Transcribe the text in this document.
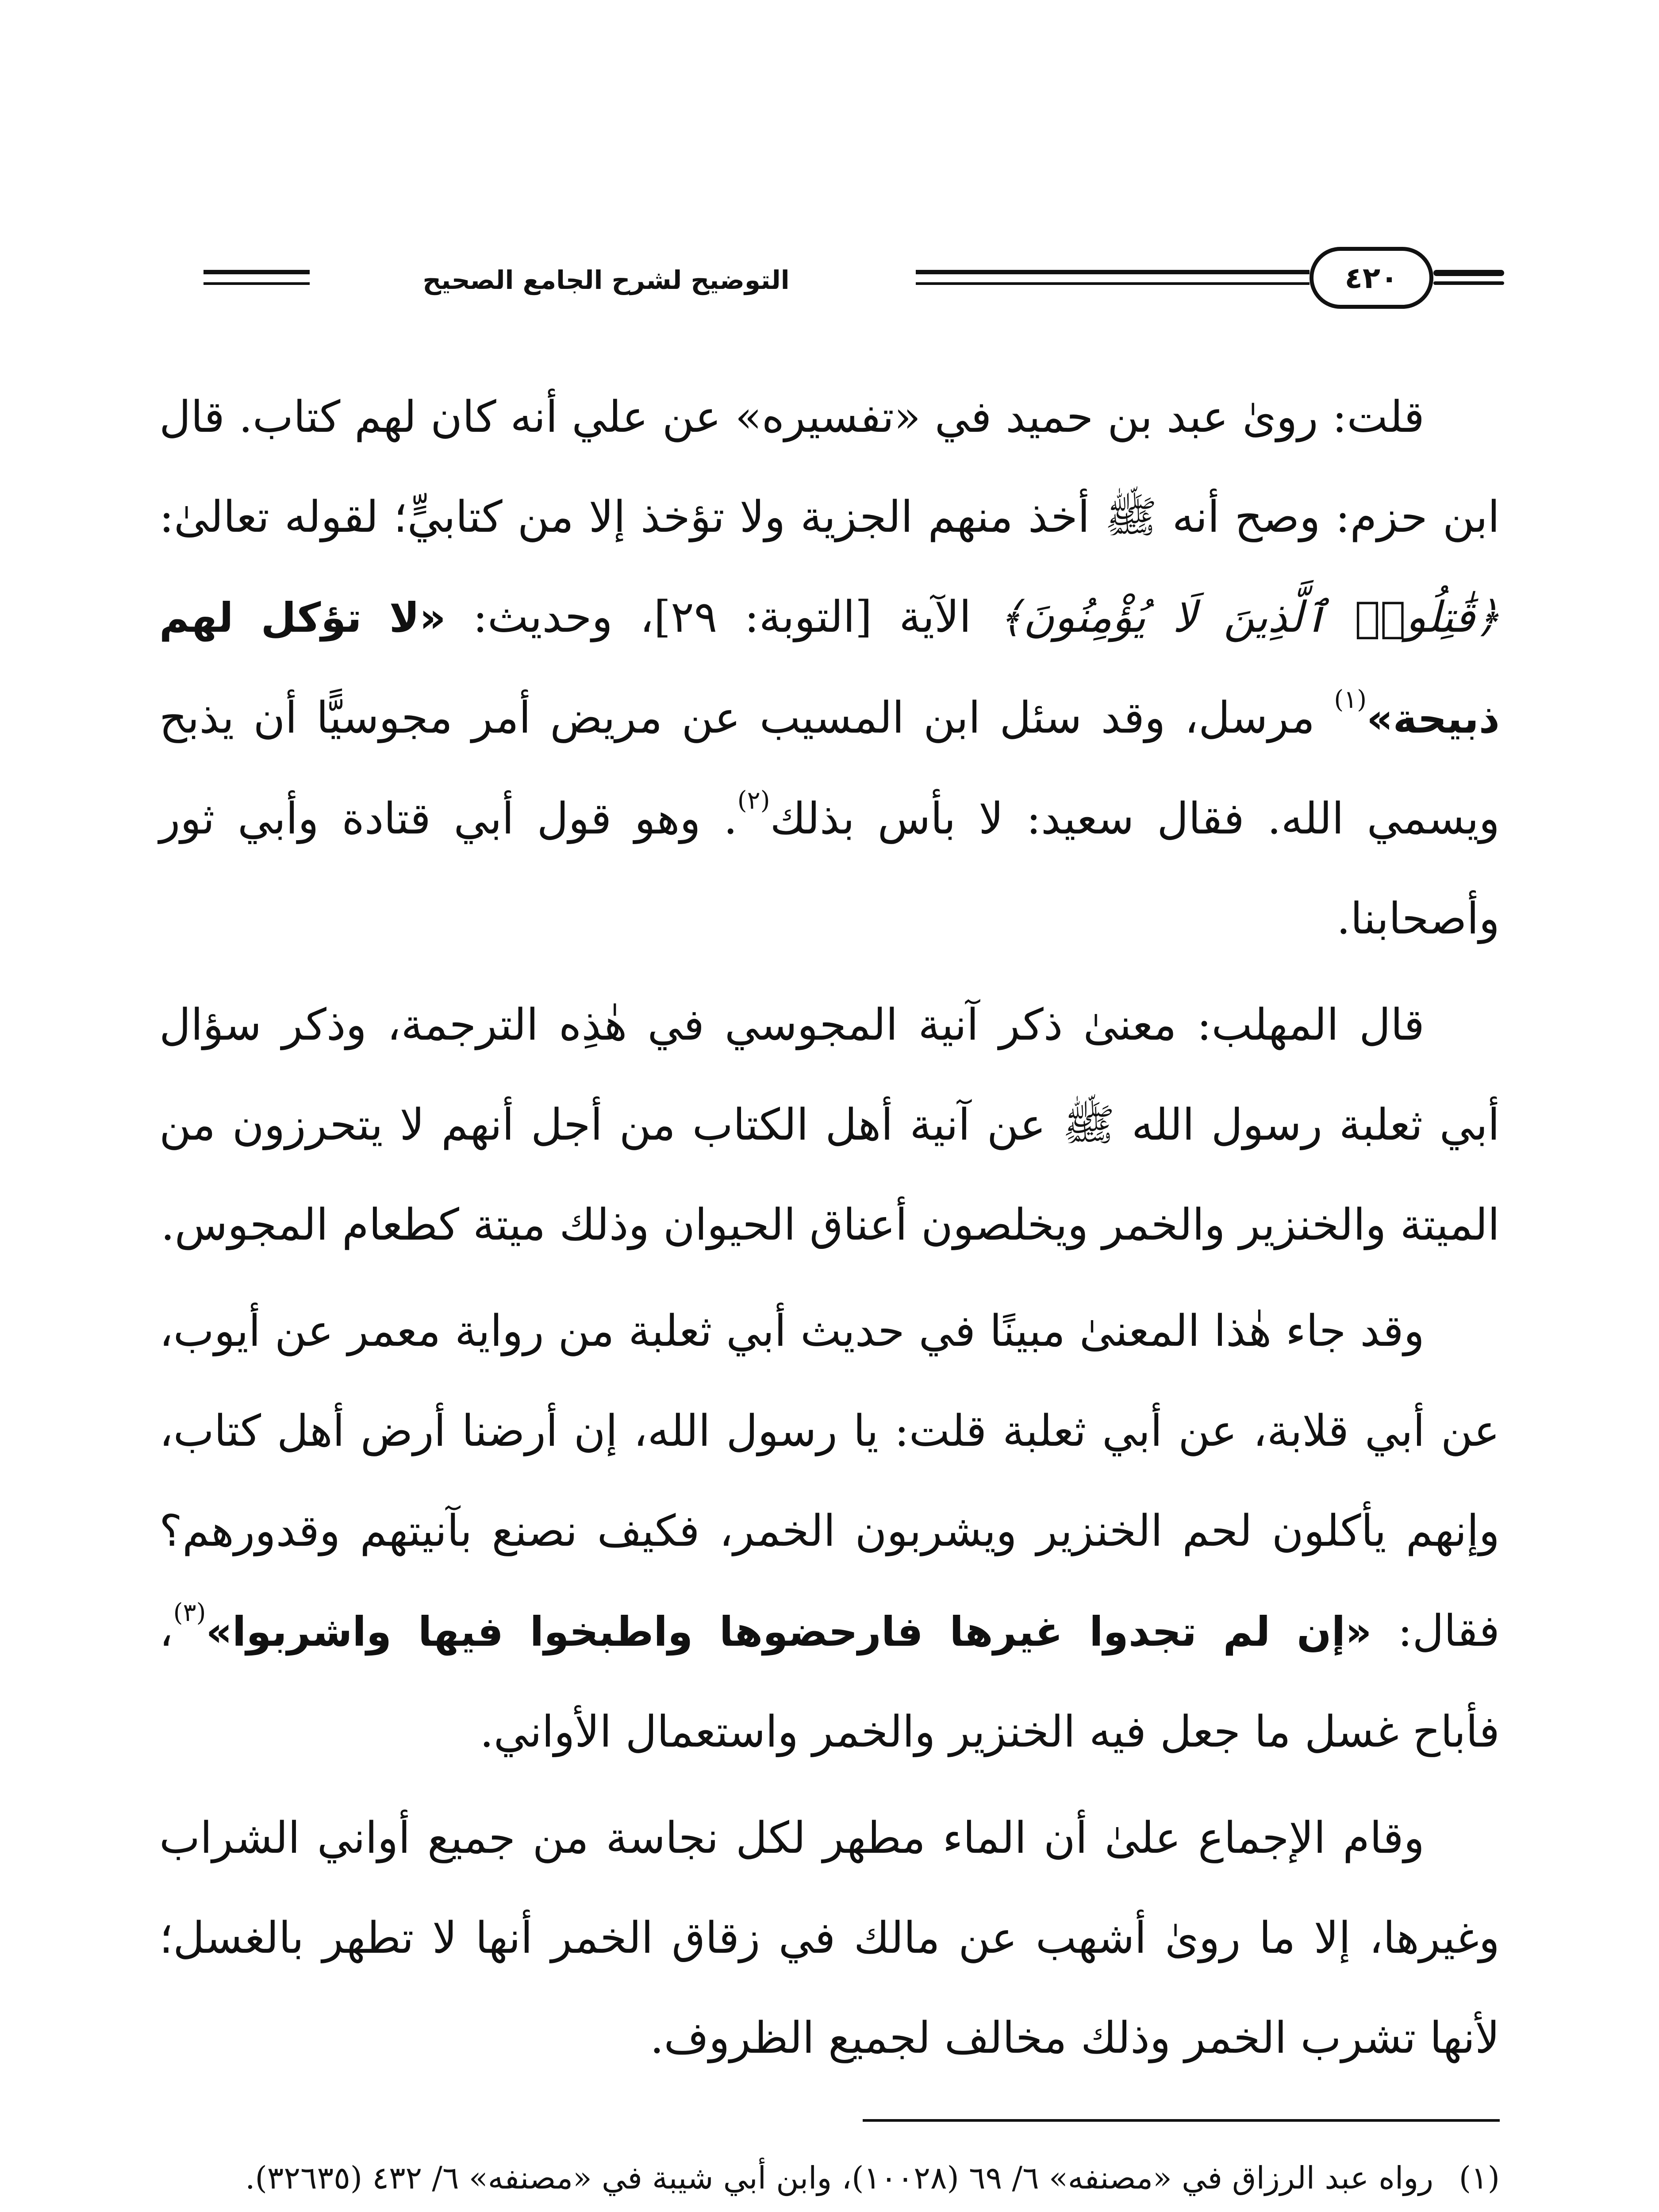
التوضيح لشرح الجامع الصحيح	٤٢٠

قلت: روىٰ عبد بن حميد في «تفسيره» عن علي أنه كان لهم كتاب. قال ابن حزم: وصح أنه ﷺ أخذ منهم الجزية ولا تؤخذ إلا من كتابيٍّ؛ لقوله تعالىٰ: ﴿قَٰتِلُوا۟ ٱلَّذِينَ لَا يُؤْمِنُونَ﴾ الآية [التوبة: ٢٩]، وحديث: «لا تؤكل لهم ذبيحة»$^{(١)}$ مرسل، وقد سئل ابن المسيب عن مريض أمر مجوسيًّا أن يذبح ويسمي الله. فقال سعيد: لا بأس بذلك$^{(٢)}$. وهو قول أبي قتادة وأبي ثور وأصحابنا.

قال المهلب: معنىٰ ذكر آنية المجوسي في هٰذِه الترجمة، وذكر سؤال أبي ثعلبة رسول الله ﷺ عن آنية أهل الكتاب من أجل أنهم لا يتحرزون من الميتة والخنزير والخمر ويخلصون أعناق الحيوان وذلك ميتة كطعام المجوس.

وقد جاء هٰذا المعنىٰ مبينًا في حديث أبي ثعلبة من رواية معمر عن أيوب، عن أبي قلابة، عن أبي ثعلبة قلت: يا رسول الله، إن أرضنا أرض أهل كتاب، وإنهم يأكلون لحم الخنزير ويشربون الخمر، فكيف نصنع بآنيتهم وقدورهم؟ فقال: «إن لم تجدوا غيرها فارحضوها واطبخوا فيها واشربوا»$^{(٣)}$، فأباح غسل ما جعل فيه الخنزير والخمر واستعمال الأواني.

وقام الإجماع علىٰ أن الماء مطهر لكل نجاسة من جميع أواني الشراب وغيرها، إلا ما روىٰ أشهب عن مالك في زقاق الخمر أنها لا تطهر بالغسل؛ لأنها تشرب الخمر وذلك مخالف لجميع الظروف.

(١)
رواه عبد الرزاق في «مصنفه» ٦/ ٦٩ (١٠٠٢٨)، وابن أبي شيبة في «مصنفه» ٦/ ٤٣٢ (٣٢٦٣٥).
